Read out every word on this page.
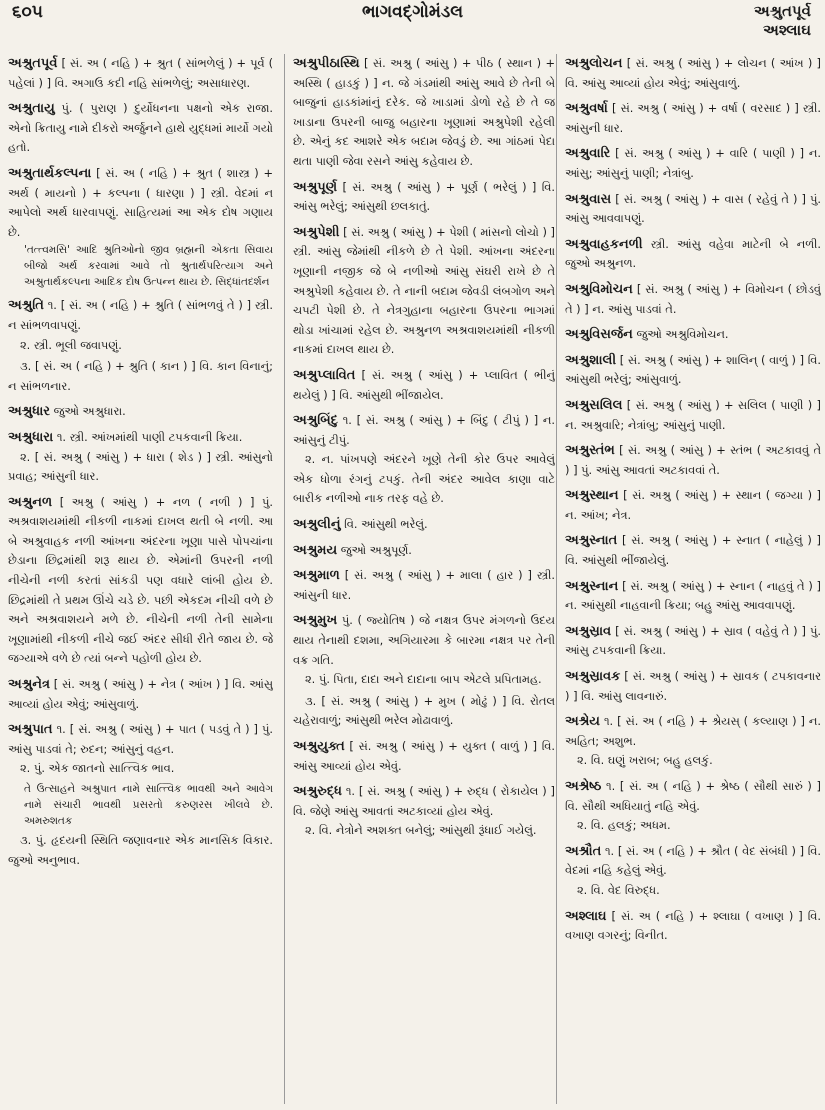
૬૦૫	ભાગવદ્ગોમંડલ	અશ્રુતપૂર્વ
અશ્લાઘ
અશ્રુતપૂર્વ [ સં. અ ( નહિ ) + શ્રુત ( સાંભળેલું ) + પૂર્વ ( પહેલાં ) ] વિ. અગાઉ કદી નહિ સાંભળેલું; અસાધારણ.
અશ્રુતાયુ પું. ( પુરાણ ) દુર્યોધનના પક્ષનો એક રાજા. એનો ક્રિતાયુ નામે દીકરો અર્જુનને હાથે યુદ્ધમાં માર્યો ગયો હતો.
અશ્રુતાર્થકલ્પના [ સં. અ ( નહિ ) + શ્રુત ( શાસ્ત્ર ) + અર્થ ( માયનો ) + કલ્પના ( ધારણા ) ] સ્ત્રી. વેદમાં ન આપેલો અર્થ ધારવાપણું. સાહિત્યમાં આ એક દોષ ગણાય છે.
'તત્ત્વમસિ' આદિ શ્રુતિઓનો જીવ બ્રહ્મની એકતા સિવાય બીજો અર્થ કરવામાં આવે તો શ્રુતાર્થપરિત્યાગ અને અશ્રુતાર્થકલ્પના આદિક દોષ ઉત્પન્ન થાય છે. સિદ્ધાંતદર્શન
અશ્રુતિ ૧. [ સં. અ ( નહિ ) + શ્રુતિ ( સાંભળવું તે ) ] સ્ત્રી. ન સાંભળવાપણું.
૨. સ્ત્રી. ભૂલી જવાપણું.
૩. [ સં. અ ( નહિ ) + શ્રુતિ ( કાન ) ] વિ. કાન વિનાનું; ન સાંભળનાર.
અશ્રુધાર જુઓ અશ્રુધારા.
અશ્રુધારા ૧. સ્ત્રી. આંખમાંથી પાણી ટપકવાની ક્રિયા.
૨. [ સં. અશ્રુ ( આંસુ ) + ધારા ( શેડ ) ] સ્ત્રી. આંસુનો પ્રવાહ; આંસુની ધાર.
અશ્રુનળ [ અશ્રુ ( આંસુ ) + નળ ( નળી ) ] પું. અશ્રવાશયમાંથી નીકળી નાકમાં દાખલ થતી બે નળી. આ બે અશ્રુવાહક નળી આંખના અંદરના ખૂણા પાસે પોપચાંના છેડાના છિદ્રમાંથી શરૂ થાય છે. એમાંની ઉપરની નળી નીચેની નળી કરતાં સાંકડી પણ વધારે લાંબી હોય છે. છિદ્રમાંથી તે પ્રથમ ઊંચે ચડે છે. પછી એકદમ નીચી વળે છે અને અશ્રવાશયને મળે છે. નીચેની નળી તેની સામેના ખૂણામાંથી નીકળી નીચે જઈ અંદર સીધી રીતે જાય છે. જે જગ્યાએ વળે છે ત્યાં બન્ને પહોળી હોય છે.
અશ્રુનેત્ર [ સં. અશ્રુ ( આંસુ ) + નેત્ર ( આંખ ) ] વિ. આંસુ આવ્યાં હોય એવું; આંસુવાળું.
અશ્રુપાત ૧. [ સં. અશ્રુ ( આંસુ ) + પાત ( પડવું તે ) ] પું. આંસુ પાડવાં તે; રુદન; આંસુનું વહન.
૨. પું. એક જાતનો સાત્ત્વિક ભાવ.
તે ઉત્સાહને અશ્રુપાત નામે સાત્ત્વિક ભાવથી અને આવેગ નામે સંચારી ભાવથી પ્રસરતો કરુણરસ ખીલવે છે. અમરુશતક
૩. પું. હૃદયની સ્થિતિ જણાવનાર એક માનસિક વિકાર. જુઓ અનુભાવ.
અશ્રુપીઠાસ્થિ [ સં. અશ્રુ ( આંસુ ) + પીઠ ( સ્થાન ) + અસ્થિ ( હાડકું ) ] ન. જે ગંડમાંથી આંસુ આવે છે તેની બે બાજુનાં હાડકાંમાંનું દરેક. જે ખાડામાં ડોળો રહે છે તે જ ખાડાના ઉપરની બાજુ બહારના ખૂણામાં અશ્રુપેશી રહેલી છે. એનું કદ આશરે એક બદામ જેવડું છે. આ ગાંઠમાં પેદા થતા પાણી જેવા રસને આંસુ કહેવાય છે.
અશ્રુપૂર્ણ [ સં. અશ્રુ ( આંસુ ) + પૂર્ણ ( ભરેલું ) ] વિ. આંસુ ભરેલું; આંસુથી છલકાતું.
અશ્રુપેશી [ સં. અશ્રુ ( આંસુ ) + પેશી ( માંસનો લોચો ) ] સ્ત્રી. આંસુ જેમાંથી નીકળે છે તે પેશી. આંખના અંદરના ખૂણાની નજીક જે બે નળીઓ આંસુ સંઘરી રાખે છે તે અશ્રુપેશી કહેવાય છે. તે નાની બદામ જેવડી લંબગોળ અને ચપટી પેશી છે. તે નેત્રગુહાના બહારના ઉપરના ભાગમાં થોડા ખાંચામાં રહેલ છે. અશ્રુનળ અશ્રવાશયમાંથી નીકળી નાકમાં દાખલ થાય છે.
અશ્રુપ્લાવિત [ સં. અશ્રુ ( આંસુ ) + પ્લાવિત ( ભીનું થયેલું ) ] વિ. આંસુથી ભીંજાયેલ.
અશ્રુબિંદુ ૧. [ સં. અશ્રુ ( આંસુ ) + બિંદુ ( ટીપું ) ] ન. આંસુનું ટીપું.
૨. ન. પાંખપણે અંદરને ખૂણે તેની કોર ઉપર આવેલું એક ધોળા રંગનું ટપકું. તેની અંદર આવેલ કાણા વાટે બારીક નળીઓ નાક તરફ વહે છે.
અશ્રુલીનું વિ. આંસુથી ભરેલું.
અશ્રુમય જુઓ અશ્રુપૂર્ણ.
અશ્રુમાળ [ સં. અશ્રુ ( આંસુ ) + માલા ( હાર ) ] સ્ત્રી. આંસુની ધાર.
અશ્રુમુખ પું. ( જ્યોતિષ ) જે નક્ષત્ર ઉપર મંગળનો ઉદય થાય તેનાથી દશમા, અગિયારમા કે બારમા નક્ષત્ર પર તેની વક્ર ગતિ.
૨. પું. પિતા, દાદા અને દાદાના બાપ એટલે પ્રપિતામહ.
૩. [ સં. અશ્રુ ( આંસુ ) + મુખ ( મોઢું ) ] વિ. રોતલ ચહેરાવાળું; આંસુથી ભરેલ મોઢાવાળું.
અશ્રુયુક્ત [ સં. અશ્રુ ( આંસુ ) + યુક્ત ( વાળું ) ] વિ. આંસુ આવ્યાં હોય એવું.
અશ્રુરુદ્ધ ૧. [ સં. અશ્રુ ( આંસુ ) + રુદ્ધ ( રોકાયેલ ) ] વિ. જેણે આંસુ આવતાં અટકાવ્યાં હોય એવું.
૨. વિ. નેત્રોને અશક્ત બનેલું; આંસુથી રૂંધાઈ ગયેલું.
અશ્રુલોચન [ સં. અશ્રુ ( આંસુ ) + લોચન ( આંખ ) ] વિ. આંસુ આવ્યાં હોય એવું; આંસુવાળું.
અશ્રુવર્ષા [ સં. અશ્રુ ( આંસુ ) + વર્ષા ( વરસાદ ) ] સ્ત્રી. આંસુની ધાર.
અશ્રુવારિ [ સં. અશ્રુ ( આંસુ ) + વારિ ( પાણી ) ] ન. આંસુ; આંસુનું પાણી; નેત્રાંબુ.
અશ્રુવાસ [ સં. અશ્રુ ( આંસુ ) + વાસ ( રહેવું તે ) ] પું. આંસુ આવવાપણું.
અશ્રુવાહકનળી સ્ત્રી. આંસુ વહેવા માટેની બે નળી. જુઓ અશ્રુનળ.
અશ્રુવિમોચન [ સં. અશ્રુ ( આંસુ ) + વિમોચન ( છોડવું તે ) ] ન. આંસુ પાડવાં તે.
અશ્રુવિસર્જન જુઓ અશ્રુવિમોચન.
અશ્રુશાલી [ સં. અશ્રુ ( આંસુ ) + શાલિન્ ( વાળું ) ] વિ. આંસુથી ભરેલું; આંસુવાળું.
અશ્રુસલિલ [ સં. અશ્રુ ( આંસુ ) + સલિલ ( પાણી ) ] ન. અશ્રુવારિ; નેત્રાંબુ; આંસુનું પાણી.
અશ્રુસ્તંભ [ સં. અશ્રુ ( આંસુ ) + સ્તંભ ( અટકાવવું તે ) ] પું. આંસુ આવતાં અટકાવવાં તે.
અશ્રુસ્થાન [ સં. અશ્રુ ( આંસુ ) + સ્થાન ( જગ્યા ) ] ન. આંખ; નેત્ર.
અશ્રુસ્નાત [ સં. અશ્રુ ( આંસુ ) + સ્નાત ( નાહેલું ) ] વિ. આંસુથી ભીંજાયેલું.
અશ્રુસ્નાન [ સં. અશ્રુ ( આંસુ ) + સ્નાન ( નાહવું તે ) ] ન. આંસુથી નાહવાની ક્રિયા; બહુ આંસુ આવવાપણું.
અશ્રુસ્રાવ [ સં. અશ્રુ ( આંસુ ) + સ્રાવ ( વહેવું તે ) ] પું. આંસુ ટપકવાની ક્રિયા.
અશ્રુસ્રાવક [ સં. અશ્રુ ( આંસુ ) + સ્રાવક ( ટપકાવનાર ) ] વિ. આંસુ લાવનારું.
અશ્રેય ૧. [ સં. અ ( નહિ ) + શ્રેયસ્ ( કલ્યાણ ) ] ન. અહિત; અશુભ.
૨. વિ. ઘણું ખરાબ; બહુ હલકું.
અશ્રેષ્ઠ ૧. [ સં. અ ( નહિ ) + શ્રેષ્ઠ ( સૌથી સારું ) ] વિ. સૌથી અધિયાતું નહિ એવું.
૨. વિ. હલકું; અધમ.
અશ્રૌત ૧. [ સં. અ ( નહિ ) + શ્રૌત ( વેદ સંબંધી ) ] વિ. વેદમાં નહિ કહેલું એવું.
૨. વિ. વેદ વિરુદ્ધ.
અશ્લાઘ [ સં. અ ( નહિ ) + શ્લાઘા ( વખાણ ) ] વિ. વખાણ વગરનું; વિનીત.
